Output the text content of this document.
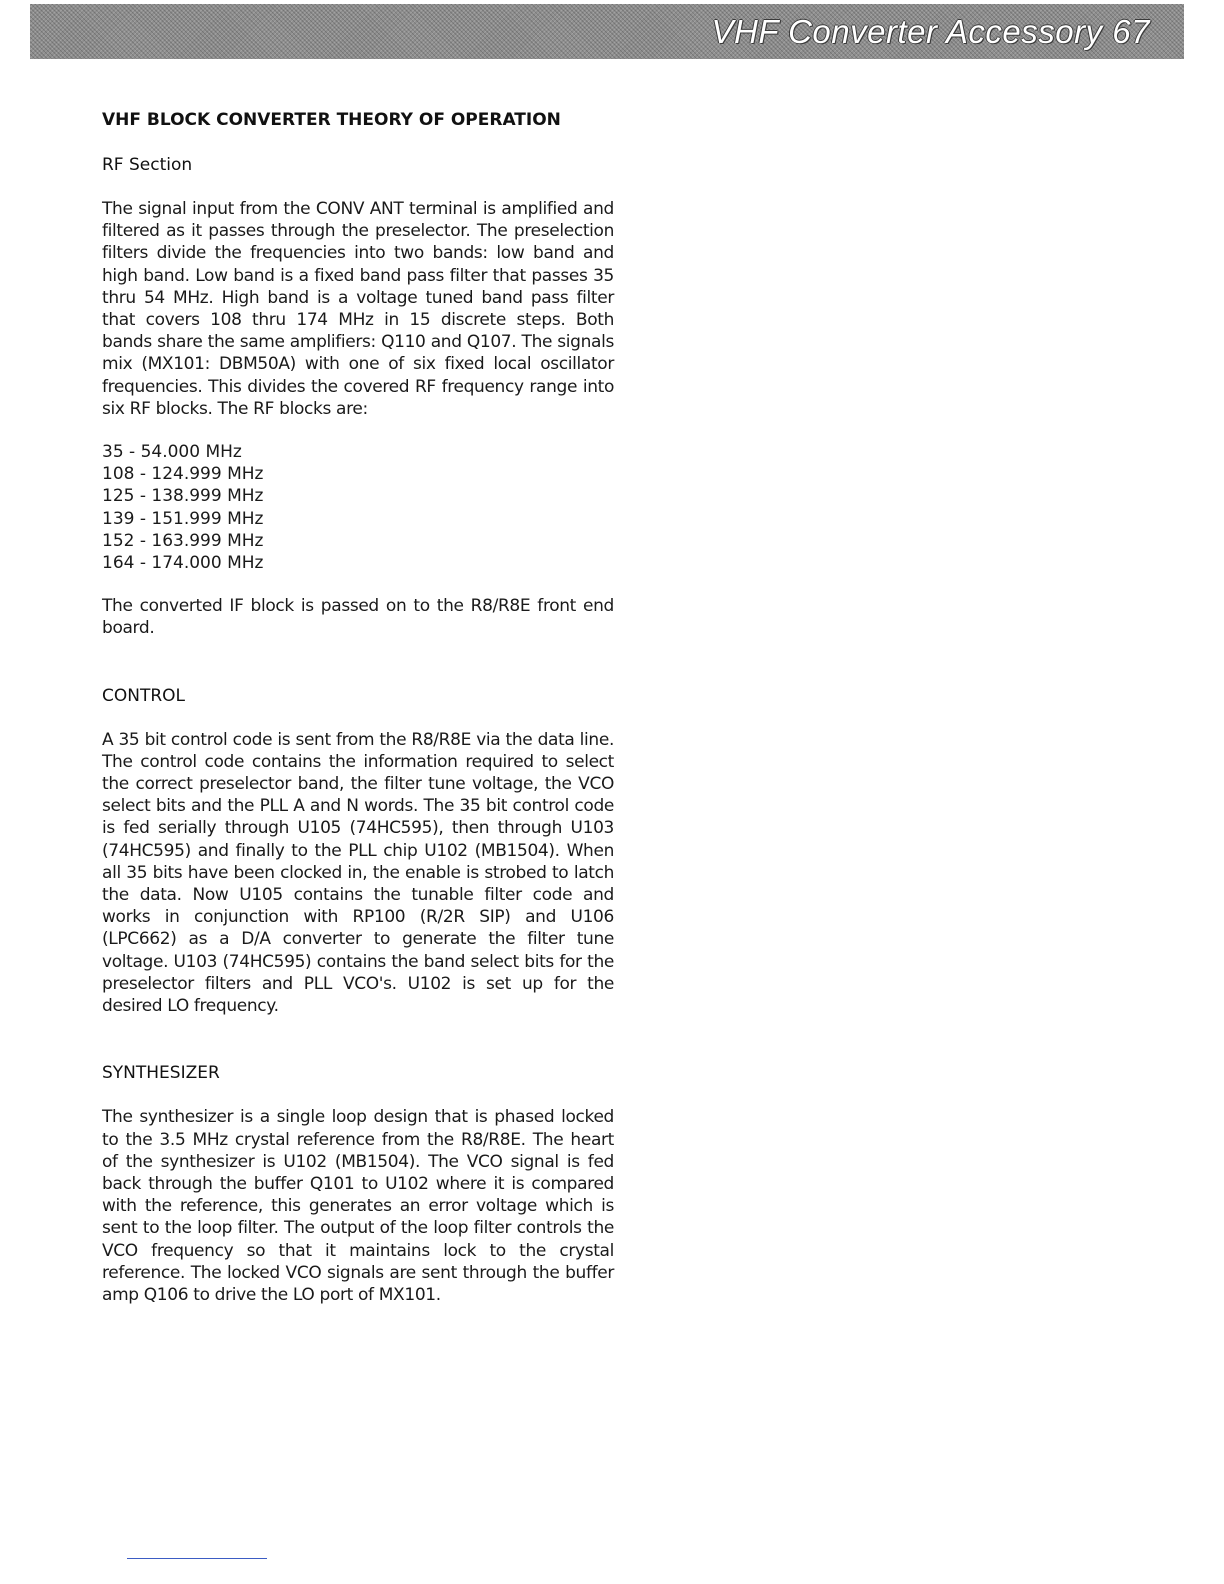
VHF Converter Accessory 67
VHF BLOCK CONVERTER THEORY OF OPERATION
RF Section

The signal input from the CONV ANT terminal is amplified and filtered as it passes through the preselector. The preselection filters divide the frequencies into two bands: low band and high band. Low band is a fixed band pass filter that passes 35 thru 54 MHz. High band is a voltage tuned band pass filter that covers 108 thru 174 MHz in 15 discrete steps. Both bands share the same amplifiers: Q110 and Q107. The signals mix (MX101: DBM50A) with one of six fixed local oscillator frequencies. This divides the covered RF frequency range into six RF blocks. The RF blocks are:

35 - 54.000 MHz
108 - 124.999 MHz
125 - 138.999 MHz
139 - 151.999 MHz
152 - 163.999 MHz
164 - 174.000 MHz

The converted IF block is passed on to the R8/R8E front end board.

CONTROL

A 35 bit control code is sent from the R8/R8E via the data line. The control code contains the information required to select the correct preselector band, the filter tune voltage, the VCO select bits and the PLL A and N words. The 35 bit control code is fed serially through U105 (74HC595), then through U103 (74HC595) and finally to the PLL chip U102 (MB1504). When all 35 bits have been clocked in, the enable is strobed to latch the data. Now U105 contains the tunable filter code and works in conjunction with RP100 (R/2R SIP) and U106 (LPC662) as a D/A converter to generate the filter tune voltage. U103 (74HC595) contains the band select bits for the preselector filters and PLL VCO's. U102 is set up for the desired LO frequency.

SYNTHESIZER

The synthesizer is a single loop design that is phased locked to the 3.5 MHz crystal reference from the R8/R8E. The heart of the synthesizer is U102 (MB1504). The VCO signal is fed back through the buffer Q101 to U102 where it is compared with the reference, this generates an error voltage which is sent to the loop filter. The output of the loop filter controls the VCO frequency so that it maintains lock to the crystal reference. The locked VCO signals are sent through the buffer amp Q106 to drive the LO port of MX101.
